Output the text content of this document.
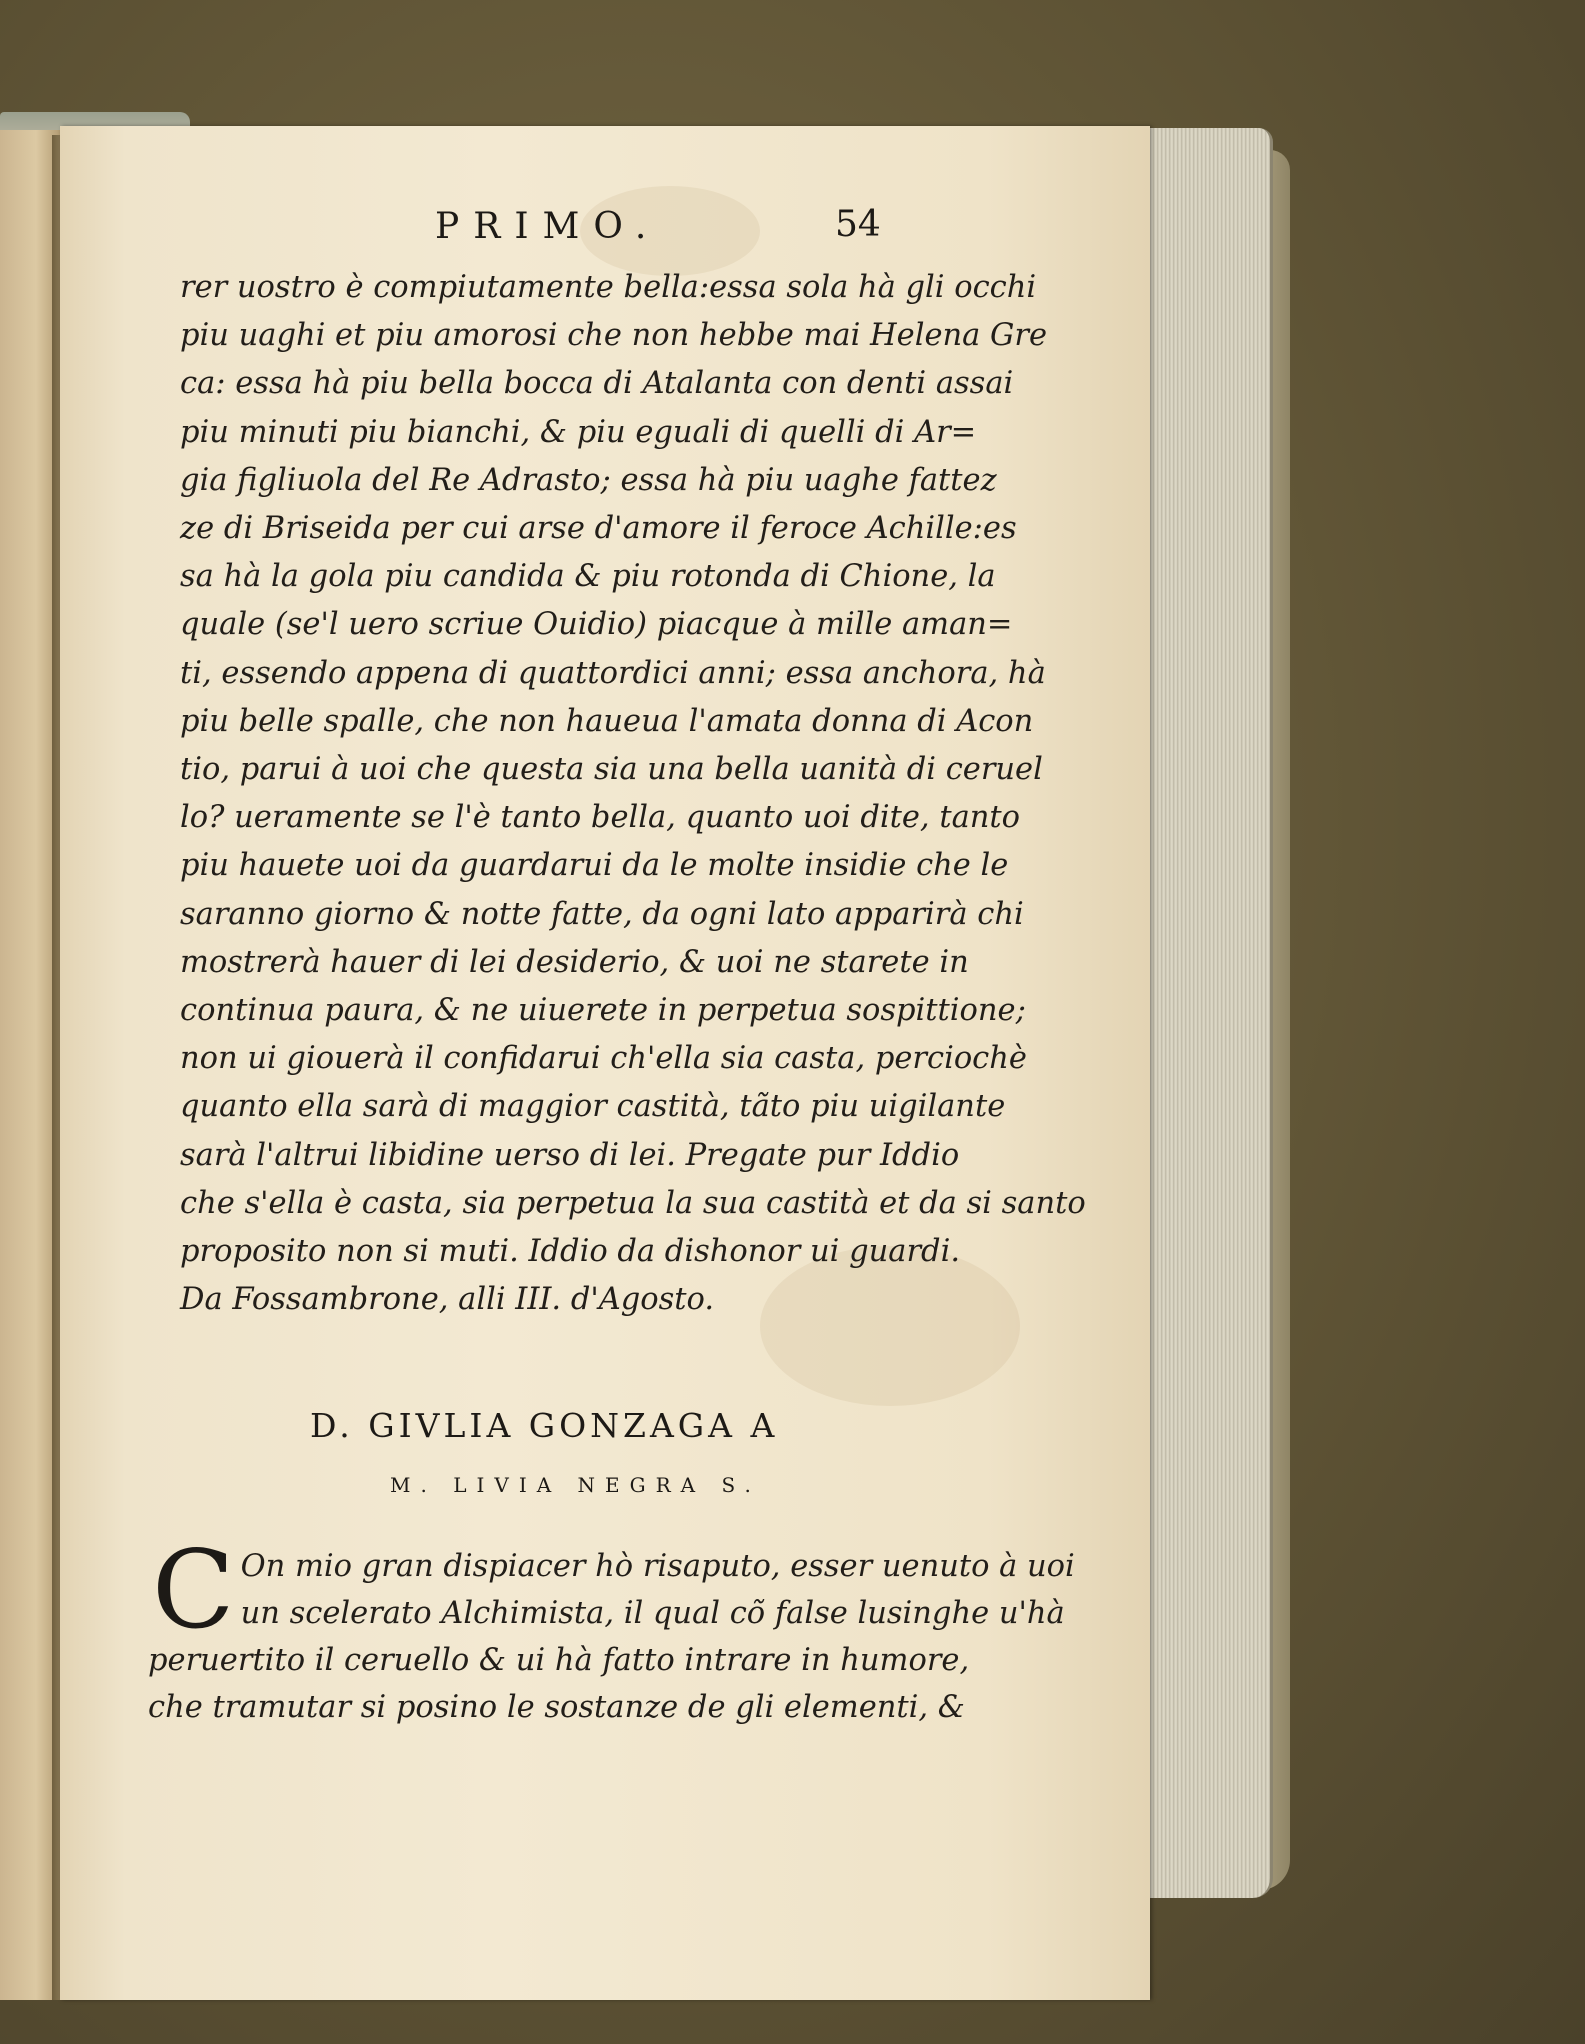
PRIMO.	54
rer uostro è compiutamente bella:essa sola hà gli occhi
piu uaghi et piu amorosi che non hebbe mai Helena Gre
ca: essa hà piu bella bocca di Atalanta con denti assai
piu minuti piu bianchi, & piu eguali di quelli di Ar=
gia figliuola del Re Adrasto; essa hà piu uaghe fattez
ze di Briseida per cui arse d'amore il feroce Achille:es
sa hà la gola piu candida & piu rotonda di Chione, la
quale (se'l uero scriue Ouidio) piacque à mille aman=
ti, essendo appena di quattordici anni; essa anchora, hà
piu belle spalle, che non haueua l'amata donna di Acon
tio, parui à uoi che questa sia una bella uanità di ceruel
lo? ueramente se l'è tanto bella, quanto uoi dite, tanto
piu hauete uoi da guardarui da le molte insidie che le
saranno giorno & notte fatte, da ogni lato apparirà chi
mostrerà hauer di lei desiderio, & uoi ne starete in
continua paura, & ne uiuerete in perpetua sospittione;
non ui giouerà il confidarui ch'ella sia casta, perciochè
quanto ella sarà di maggior castità, tãto piu uigilante
sarà l'altrui libidine uerso di lei. Pregate pur Iddio
che s'ella è casta, sia perpetua la sua castità et da si santo
proposito non si muti. Iddio da dishonor ui guardi.
Da Fossambrone, alli III. d'Agosto.
D. GIVLIA GONZAGA A
M. LIVIA NEGRA S.
C On mio gran dispiacer hò risaputo, esser uenuto à uoi
un scelerato Alchimista, il qual cõ false lusinghe u'hà
peruertito il ceruello & ui hà fatto intrare in humore,
che tramutar si posino le sostanze de gli elementi, &
